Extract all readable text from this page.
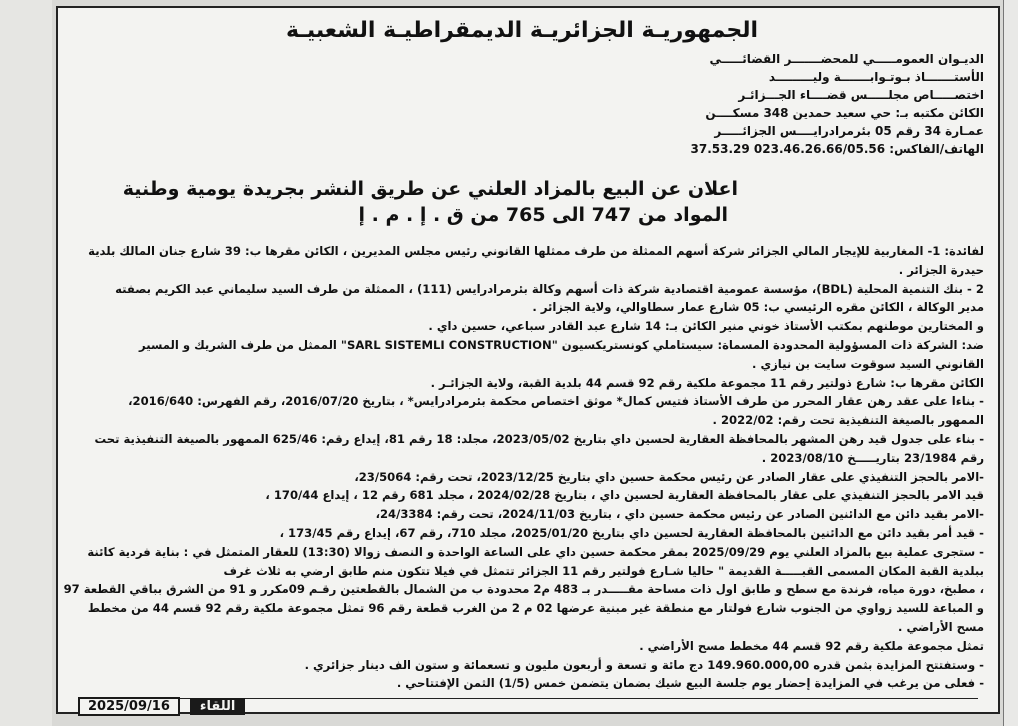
الجمهوريـة الجزائريـة الديمقراطيـة الشعبيـة
الديـوان العمومـــــي للمحضـــــــر القضائـــــي
الأستـــــــاذ بـوتـوابـــــــة وليـــــــــد
اختصـــــاص مجلـــــس قضــــاء الجـــزائـر
الكائن مكتبه بـ: حي سعيد حمدين 348 مسكــــن
عمـارة 34 رقم 05 بئرمرادرايــــس الجزائـــــر
الهاتف/الفاكس: 023.46.26.66/05.56 37.53.29
اعلان عن البيع بالمزاد العلني عن طريق النشر بجريدة يومية وطنية
المواد من 747 الى 765 من ق . إ . م . إ

لفائدة: 1- المغاربية للإيجار المالي الجزائر شركة أسهم الممثلة من طرف ممثلها القانوني رئيس مجلس المديرين ، الكائن مقرها ب: 39 شارع جنان المالك بلدية

حيدرة الجزائر .

2 - بنك التنمية المحلية (BDL)، مؤسسة عمومية اقتصادية شركة ذات أسهم وكالة بئرمرادرايس (111) ، الممثلة من طرف السيد سليماني عبد الكريم بصفته

مدير الوكالة ، الكائن مقره الرئيسي ب: 05 شارع عمار سطاوالي، ولاية الجزائر .

و المختارين موطنهم بمكتب الأستاذ خوني منير الكائن بـ: 14 شارع عبد القادر سباعي، حسين داي .

ضد: الشركة ذات المسؤولية المحدودة المسماة: سيستاملي كونستريكسيون "SARL SISTEMLI CONSTRUCTION" الممثل من طرف الشريك و المسير

القانوني السيد سوقوت سايت بن نيازي .

الكائن مقرها ب: شارع ذولتير رقم 11 مجموعة ملكية رقم 92 قسم 44 بلدية القبة، ولاية الجزائـر .

- بناءا على عقد رهن عقار المحرر من طرف الأستاذ فتيس كمال* موثق اختصاص محكمة بئرمرادرايس* ، بتاريخ 2016/07/20، رقم الفهرس: 2016/640،

الممهور بالصيغة التنفيذية تحت رقم: 2022/02 .

- بناء على جدول قيد رهن المشهر بالمحافظة العقارية لحسين داي بتاريخ 2023/05/02، مجلد: 18 رقم 81، إيداع رقم: 625/46 الممهور بالصيغة التنفيذية تحت

رقم 23/1984 بتاريـــــخ 2023/08/10 .

-الامر بالحجز التنفيذي على عقار الصادر عن رئيس محكمة حسين داي بتاريخ 2023/12/25، تحت رقم: 23/5064،

قيد الامر بالحجز التنفيذي على عقار بالمحافظة العقارية لحسين داي ، بتاريخ 2024/02/28 ، مجلد 681 رقم 12 ، إيداع 170/44 ،

-الامر بقيد دائن مع الدائنين الصادر عن رئيس محكمة حسين داي ، بتاريخ 2024/11/03، تحت رقم: 24/3384،

- قيد أمر بقيد دائن مع الدائنين بالمحافظة العقارية لحسين داي بتاريخ 2025/01/20، مجلد 710، رقم 67، إيداع رقم 173/45 ،

- ستجرى عملية بيع بالمزاد العلني يوم 2025/09/29 بمقر محكمة حسين داي على الساعة الواحدة و النصف زوالا (13:30) للعقار المتمثل في : بناية فردية كائنة

ببلدية القبة المكان المسمى القبـــــة القديمة " حاليا شـارع فولتير رقم 11 الجزائر تتمثل في فيلا تتكون منم طابق ارضي به ثلاث غرف

، مطبخ، دورة مياه، فرندة مع سطح و طابق اول ذات مساحة مقـــــدر بـ 483 م2 محدودة ب من الشمال بالقطعتين رقـم 09مكرر و 91 من الشرق بباقي القطعة 97

و المباعة للسيد زواوي من الجنوب شارع فولتار مع منطقة غير مبنية عرضها 02 م 2 من الغرب قطعة رقم 96 تمثل مجموعة ملكية رقم 92 قسم 44 من مخطط

مسح الأراضي .

تمثل مجموعة ملكية رقم 92 قسم 44 مخطط مسح الأراضي .

- وستفتتح المزايدة بثمن قدره 149.960.000,00 دج مائة و تسعة و أربعون مليون و تسعمائة و ستون الف دينار جزائري .

- فعلى من يرغب في المزايدة إحضار يوم جلسة البيع شيك بضمان يتضمن خمس (1/5) الثمن الإفتتاحي .

2025/09/16	اللقاء
